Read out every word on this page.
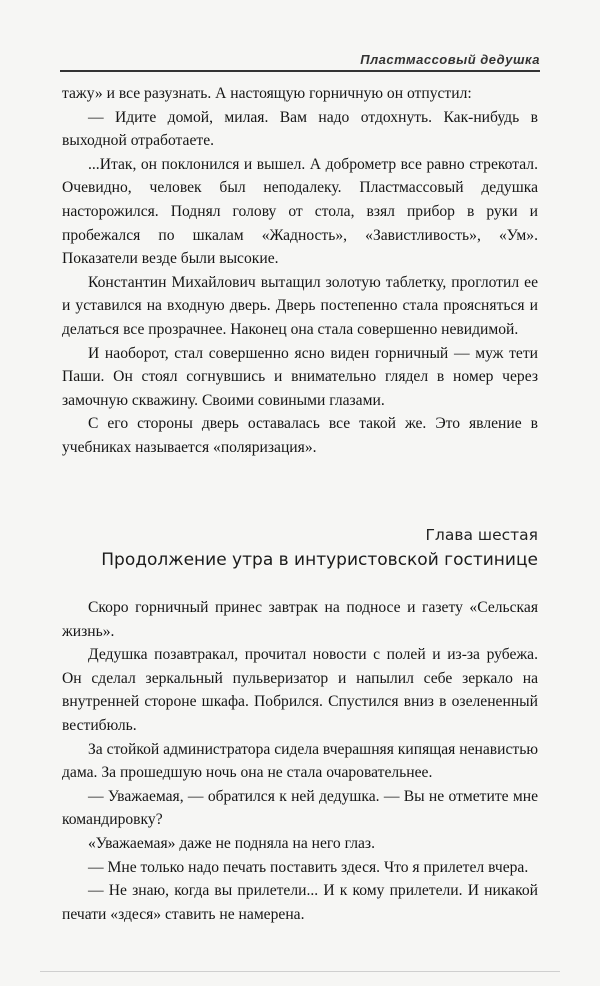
Пластмассовый дедушка

тажу» и все разузнать. А настоящую горничную он отпустил:

— Идите домой, милая. Вам надо отдохнуть. Как-нибудь в выходной отработаете.

...Итак, он поклонился и вышел. А доброметр все равно стрекотал. Очевидно, человек был неподалеку. Пластмассовый дедушка насторожился. Поднял голову от стола, взял прибор в руки и пробежался по шкалам «Жадность», «Завистливость», «Ум». Показатели везде были высокие.

Константин Михайлович вытащил золотую таблетку, проглотил ее и уставился на входную дверь. Дверь постепенно стала проясняться и делаться все прозрачнее. Наконец она стала совершенно невидимой.

И наоборот, стал совершенно ясно виден горничный — муж тети Паши. Он стоял согнувшись и внимательно глядел в номер через замочную скважину. Своими совиными глазами.

С его стороны дверь оставалась все такой же. Это явление в учебниках называется «поляризация».

Глава шестая
Продолжение утра в интуристовской гостинице

Скоро горничный принес завтрак на подносе и газету «Сельская жизнь».

Дедушка позавтракал, прочитал новости с полей и из-за рубежа. Он сделал зеркальный пульверизатор и напылил себе зеркало на внутренней стороне шкафа. Побрился. Спустился вниз в озелененный вестибюль.

За стойкой администратора сидела вчерашняя кипящая ненавистью дама. За прошедшую ночь она не стала очаровательнее.

— Уважаемая, — обратился к ней дедушка. — Вы не отметите мне командировку?

«Уважаемая» даже не подняла на него глаз.

— Мне только надо печать поставить здеся. Что я прилетел вчера.

— Не знаю, когда вы прилетели... И к кому прилетели. И никакой печати «здеся» ставить не намерена.
